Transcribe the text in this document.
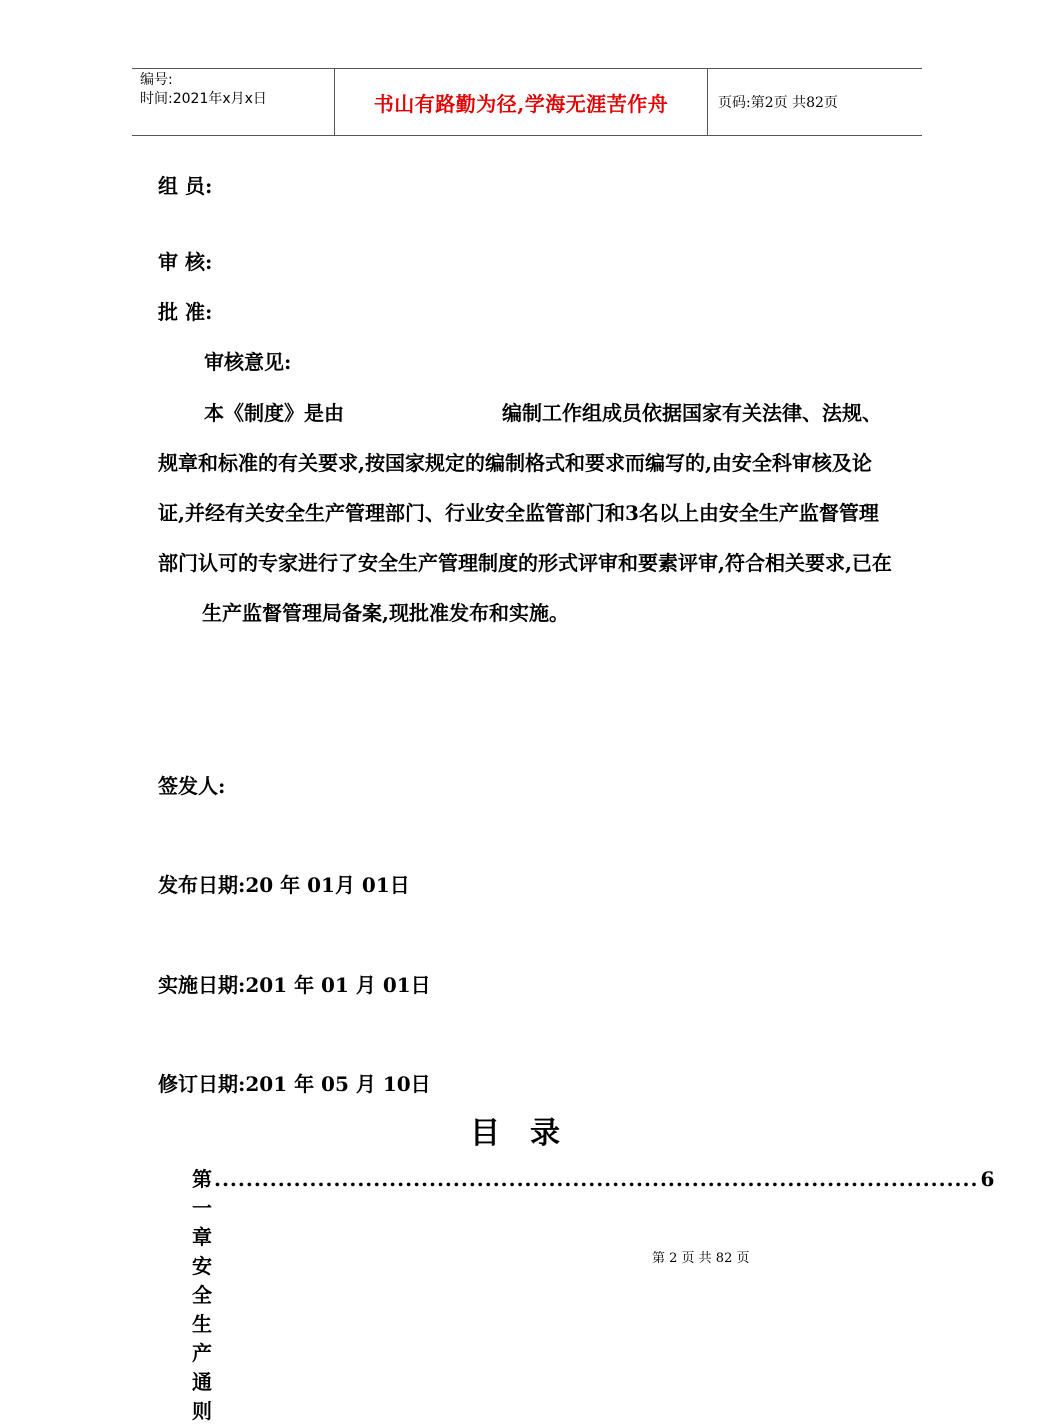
编号:
时间:2021年x月x日	书山有路勤为径,学海无涯苦作舟	页码:第2页 共82页
组 员:
审 核:
批 准:
审核意见:
本《制度》是由	编制工作组成员依据国家有关法律、法规、规章和标准的有关要求,按国家规定的编制格式和要求而编写的,由安全科审核及论证,并经有关安全生产管理部门、行业安全监管部门和3名以上由安全生产监督管理部门认可的专家进行了安全生产管理制度的形式评审和要素评审,符合相关要求,已在生产监督管理局备案,现批准发布和实施。
签发人:
发布日期:20 年 01月 01日
实施日期:201 年 01 月 01日
修订日期:201 年 05 月 10日
目录
第一章 安全生产通则
................................................................................................ 6
第 2 页 共 82 页
